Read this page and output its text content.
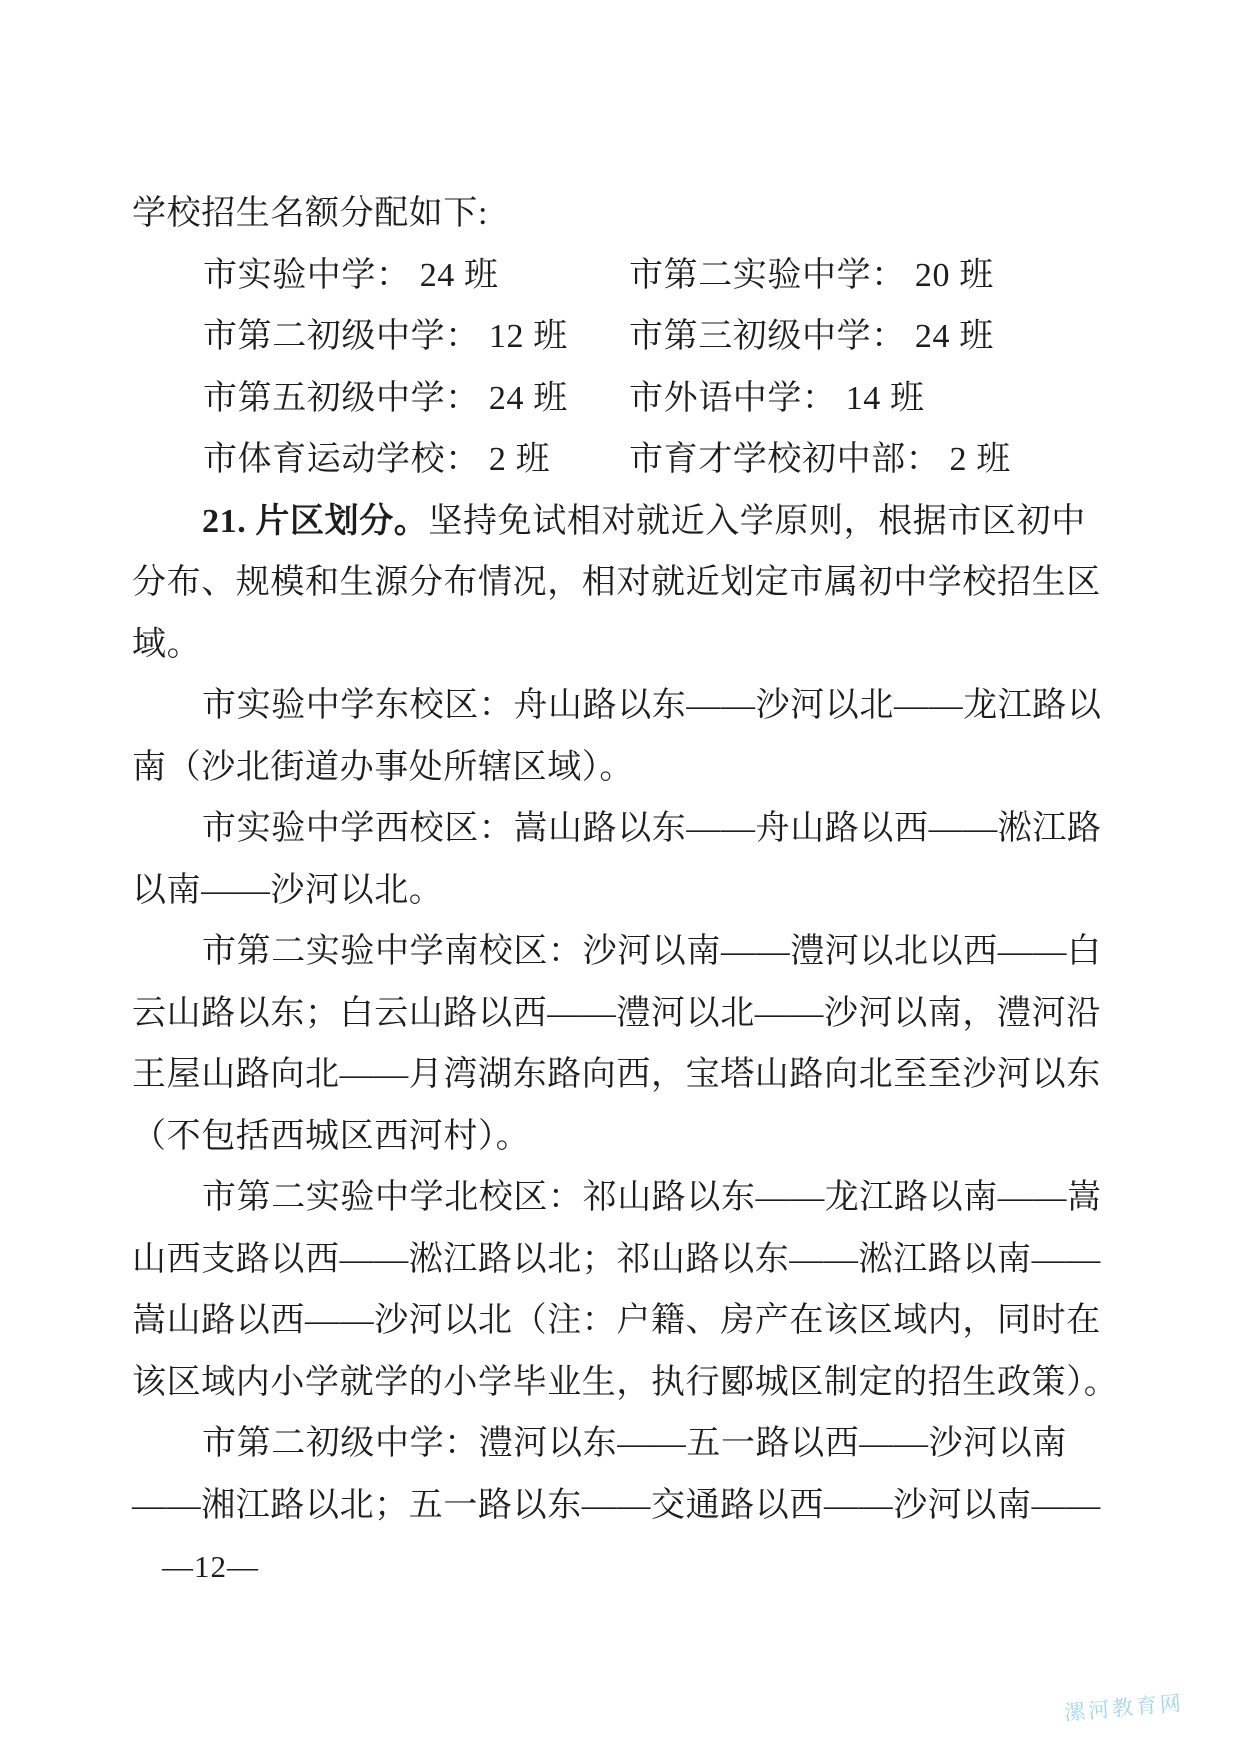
学校招生名额分配如下:
市实验中学： 24 班	市第二实验中学： 20 班
市第二初级中学： 12 班	市第三初级中学： 24 班
市第五初级中学： 24 班	市外语中学： 14 班
市体育运动学校： 2 班	市育才学校初中部： 2 班
21. 片区划分。坚持免试相对就近入学原则，根据市区初中
分布、规模和生源分布情况，相对就近划定市属初中学校招生区
域。
市实验中学东校区：舟山路以东——沙河以北——龙江路以
南（沙北街道办事处所辖区域）。
市实验中学西校区：嵩山路以东——舟山路以西——淞江路
以南——沙河以北。
市第二实验中学南校区：沙河以南——澧河以北以西——白
云山路以东；白云山路以西——澧河以北——沙河以南，澧河沿
王屋山路向北——月湾湖东路向西，宝塔山路向北至至沙河以东
（不包括西城区西河村）。
市第二实验中学北校区：祁山路以东——龙江路以南——嵩
山西支路以西——淞江路以北；祁山路以东——淞江路以南——
嵩山路以西——沙河以北（注：户籍、房产在该区域内，同时在
该区域内小学就学的小学毕业生，执行郾城区制定的招生政策）。
市第二初级中学：澧河以东——五一路以西——沙河以南
——湘江路以北；五一路以东——交通路以西——沙河以南——
—12—
漯河教育网
